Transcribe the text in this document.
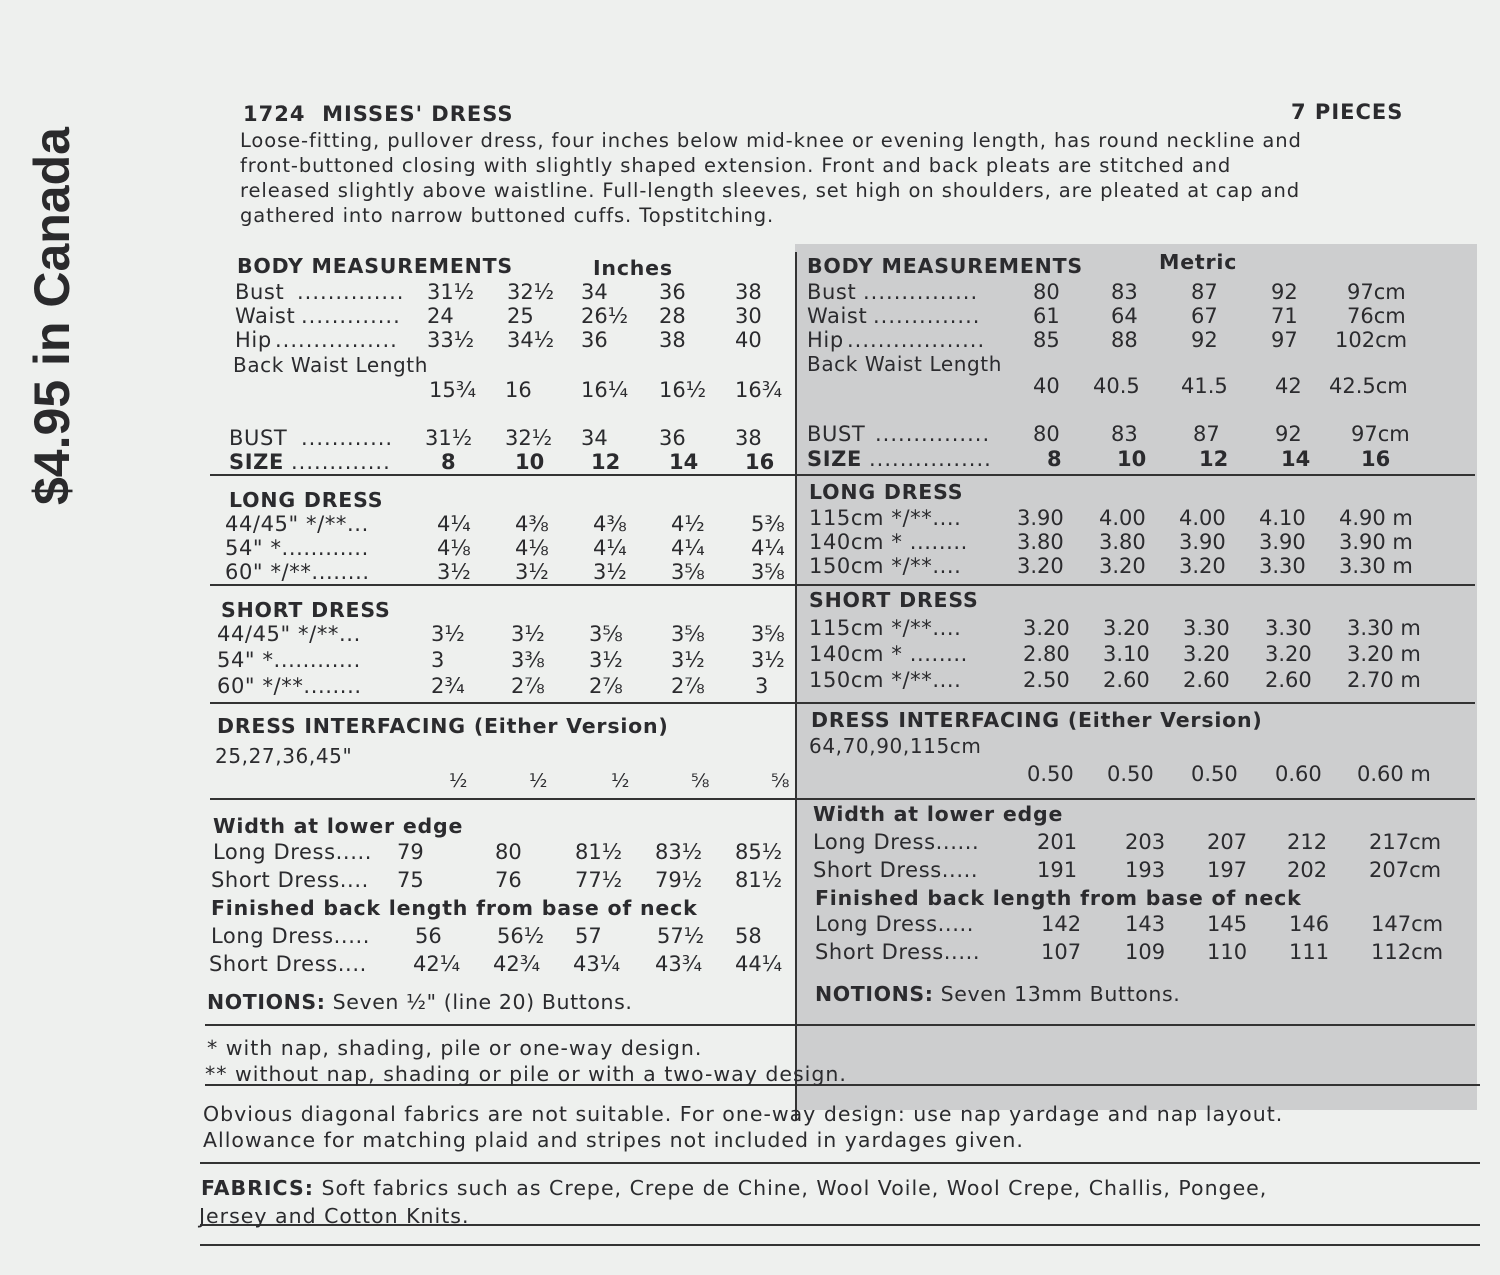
$4.95 in Canada
1724 MISSES' DRESS	7 PIECES
Loose-fitting, pullover dress, four inches below mid-knee or evening length, has round neckline and
front-buttoned closing with slightly shaped extension. Front and back pleats are stitched and
released slightly above waistline. Full-length sleeves, set high on shoulders, are pleated at cap and
gathered into narrow buttoned cuffs. Topstitching.
BODY MEASUREMENTS	Inches
Bust .............. 31½ 32½ 34 36 38
Waist ............. 24	25 26½ 28 30
Hip ................ 33½ 34½ 36 38 40
Back Waist Length
15¾ 16 16¼ 16½ 16¾
BUST ............ 31½ 32½ 34 36 38
SIZE ............. 8	10 12 14 16
LONG DRESS
44/45" */**...	4¼ 4⅜ 4⅜ 4½ 5⅜
54" *............	4⅛ 4⅛ 4¼ 4¼ 4¼
60" */**........	3½ 3½ 3½ 3⅝ 3⅝
SHORT DRESS
44/45" */**...	3½ 3½ 3⅝ 3⅝ 3⅝
54" *............	3	3⅜ 3½ 3½ 3½
60" */**........	2¾ 2⅞ 2⅞ 2⅞ 3
DRESS INTERFACING (Either Version)
25,27,36,45"
½	½	½	⅝	⅝
Width at lower edge
Long Dress..... 79	80	81½ 83½ 85½
Short Dress.... 75	76	77½ 79½ 81½
Finished back length from base of neck
Long Dress..... 56	56½ 57	57½ 58
Short Dress.... 42¼ 42¾ 43¼ 43¾ 44¼
NOTIONS: Seven ½" (line 20) Buttons.
BODY MEASUREMENTS	Metric
Bust ...............	80 83	87	92 97cm
Waist ..............	61 64	67	71 76cm
Hip .................. 85 88	92	97 102cm
Back Waist Length
40 40.5 41.5 42 42.5cm
BUST ............... 80 83	87	92 97cm
SIZE ................	8	10	12	14 16
LONG DRESS
115cm */**....	3.90 4.00 4.00 4.10 4.90 m
140cm * ........ 3.80 3.80 3.90 3.90 3.90 m
150cm */**....	3.20 3.20 3.20 3.30 3.30 m
SHORT DRESS
115cm */**....	3.20 3.20 3.30 3.30 3.30 m
140cm * ........	2.80 3.10 3.20 3.20 3.20 m
150cm */**....	2.50 2.60 2.60 2.60 2.70 m
DRESS INTERFACING (Either Version)
64,70,90,115cm
0.50 0.50 0.50 0.60 0.60 m
Width at lower edge
Long Dress......	201 203 207 212 217cm
Short Dress.....	191 193 197 202 207cm
Finished back length from base of neck
Long Dress.....	142 143 145 146 147cm
Short Dress.....	107 109 110 111 112cm
NOTIONS: Seven 13mm Buttons.
* with nap, shading, pile or one-way design.
** without nap, shading or pile or with a two-way design.
Obvious diagonal fabrics are not suitable. For one-way design: use nap yardage and nap layout.
Allowance for matching plaid and stripes not included in yardages given.
FABRICS: Soft fabrics such as Crepe, Crepe de Chine, Wool Voile, Wool Crepe, Challis, Pongee,
Jersey and Cotton Knits.
